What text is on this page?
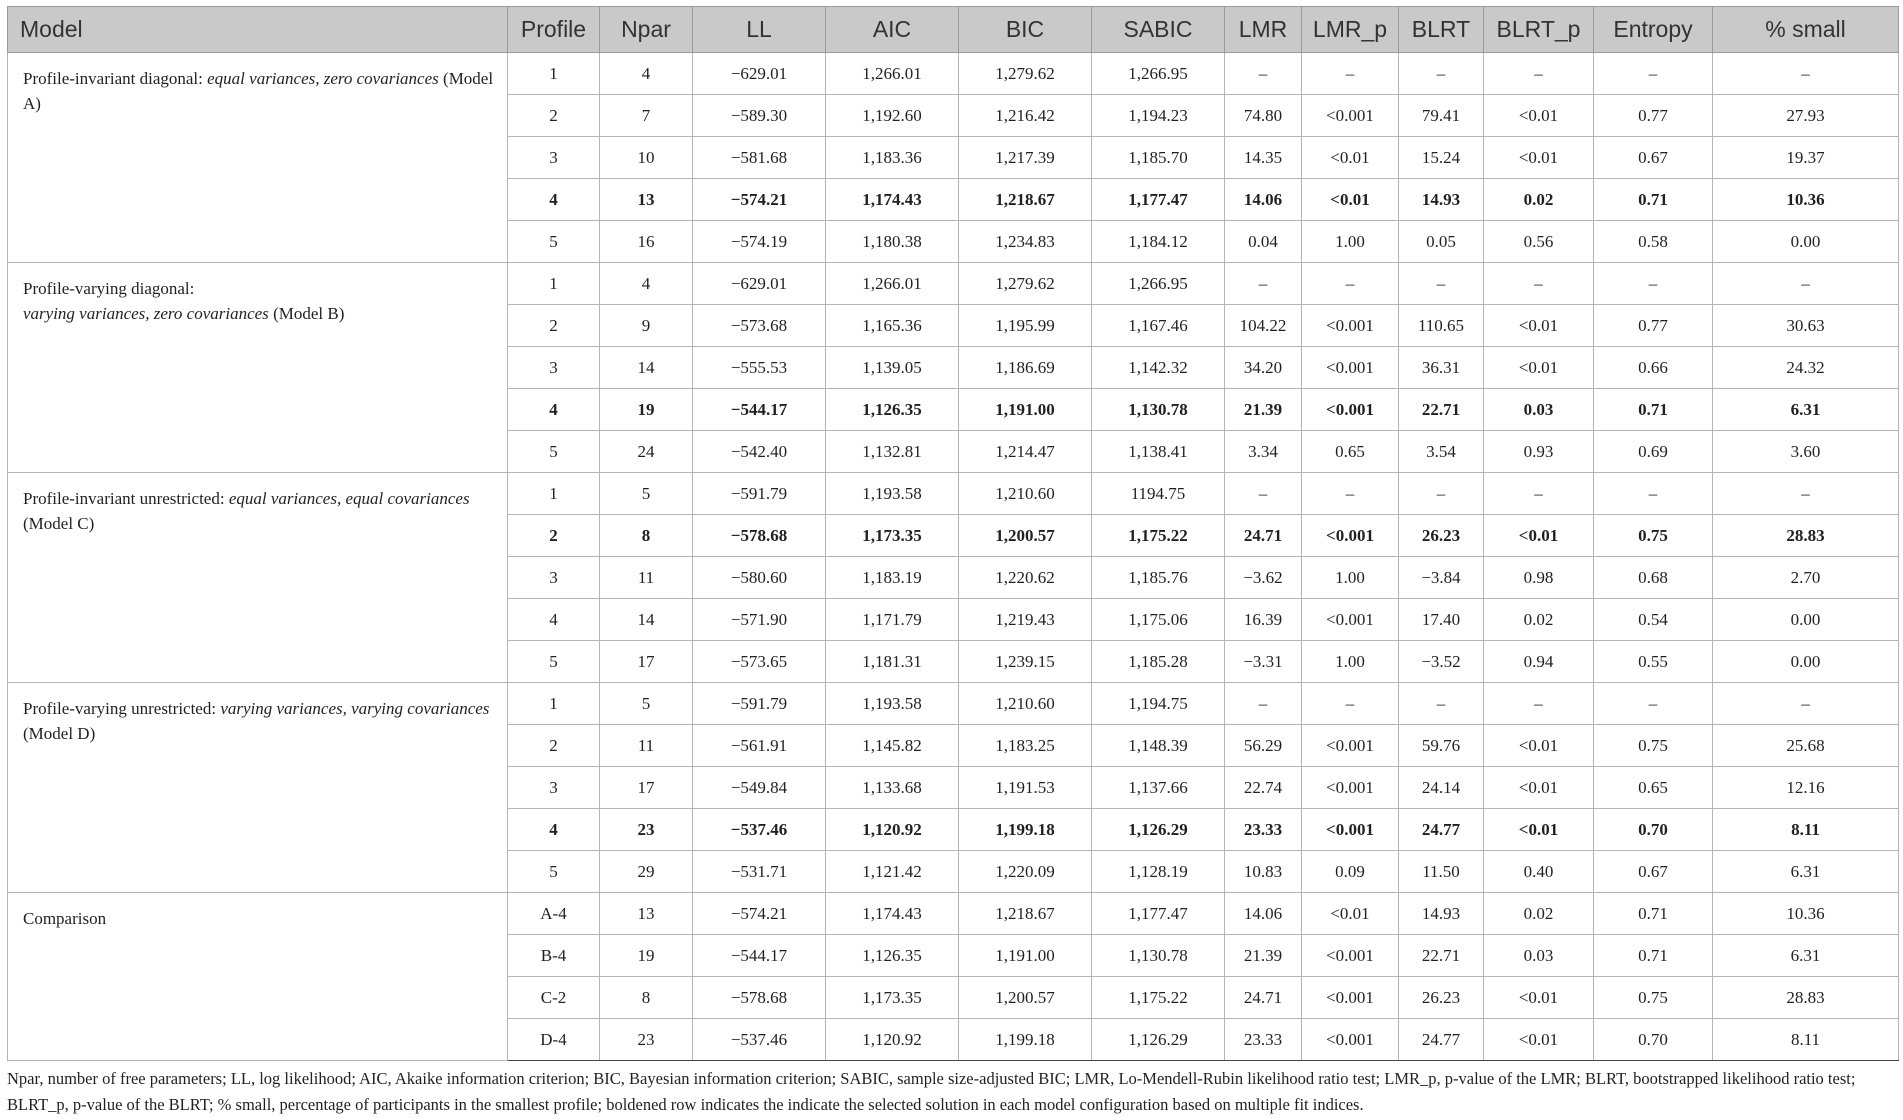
Model	Profile	Npar	LL	AIC	BIC	SABIC	LMR	LMR_p	BLRT	BLRT_p	Entropy	% small
Profile-invariant diagonal: equal variances, zero covariances (Model A)	1	4	−629.01	1,266.01	1,279.62	1,266.95	–	–	–	–	–	–
	2	7	−589.30	1,192.60	1,216.42	1,194.23	74.80	<0.001	79.41	<0.01	0.77	27.93
	3	10	−581.68	1,183.36	1,217.39	1,185.70	14.35	<0.01	15.24	<0.01	0.67	19.37
	4	13	−574.21	1,174.43	1,218.67	1,177.47	14.06	<0.01	14.93	0.02	0.71	10.36
	5	16	−574.19	1,180.38	1,234.83	1,184.12	0.04	1.00	0.05	0.56	0.58	0.00
Profile-varying diagonal:
varying variances, zero covariances (Model B)	1	4	−629.01	1,266.01	1,279.62	1,266.95	–	–	–	–	–	–
	2	9	−573.68	1,165.36	1,195.99	1,167.46	104.22	<0.001	110.65	<0.01	0.77	30.63
	3	14	−555.53	1,139.05	1,186.69	1,142.32	34.20	<0.001	36.31	<0.01	0.66	24.32
	4	19	−544.17	1,126.35	1,191.00	1,130.78	21.39	<0.001	22.71	0.03	0.71	6.31
	5	24	−542.40	1,132.81	1,214.47	1,138.41	3.34	0.65	3.54	0.93	0.69	3.60
Profile-invariant unrestricted: equal variances, equal covariances (Model C)	1	5	−591.79	1,193.58	1,210.60	1194.75	–	–	–	–	–	–
	2	8	−578.68	1,173.35	1,200.57	1,175.22	24.71	<0.001	26.23	<0.01	0.75	28.83
	3	11	−580.60	1,183.19	1,220.62	1,185.76	−3.62	1.00	−3.84	0.98	0.68	2.70
	4	14	−571.90	1,171.79	1,219.43	1,175.06	16.39	<0.001	17.40	0.02	0.54	0.00
	5	17	−573.65	1,181.31	1,239.15	1,185.28	−3.31	1.00	−3.52	0.94	0.55	0.00
Profile-varying unrestricted: varying variances, varying covariances (Model D)	1	5	−591.79	1,193.58	1,210.60	1,194.75	–	–	–	–	–	–
	2	11	−561.91	1,145.82	1,183.25	1,148.39	56.29	<0.001	59.76	<0.01	0.75	25.68
	3	17	−549.84	1,133.68	1,191.53	1,137.66	22.74	<0.001	24.14	<0.01	0.65	12.16
	4	23	−537.46	1,120.92	1,199.18	1,126.29	23.33	<0.001	24.77	<0.01	0.70	8.11
	5	29	−531.71	1,121.42	1,220.09	1,128.19	10.83	0.09	11.50	0.40	0.67	6.31
Comparison	A-4	13	−574.21	1,174.43	1,218.67	1,177.47	14.06	<0.01	14.93	0.02	0.71	10.36
	B-4	19	−544.17	1,126.35	1,191.00	1,130.78	21.39	<0.001	22.71	0.03	0.71	6.31
	C-2	8	−578.68	1,173.35	1,200.57	1,175.22	24.71	<0.001	26.23	<0.01	0.75	28.83
	D-4	23	−537.46	1,120.92	1,199.18	1,126.29	23.33	<0.001	24.77	<0.01	0.70	8.11
Npar, number of free parameters; LL, log likelihood; AIC, Akaike information criterion; BIC, Bayesian information criterion; SABIC, sample size-adjusted BIC; LMR, Lo-Mendell-Rubin likelihood ratio test; LMR_p, p-value of the LMR; BLRT, bootstrapped likelihood ratio test; BLRT_p, p-value of the BLRT; % small, percentage of participants in the smallest profile; boldened row indicates the indicate the selected solution in each model configuration based on multiple fit indices.
